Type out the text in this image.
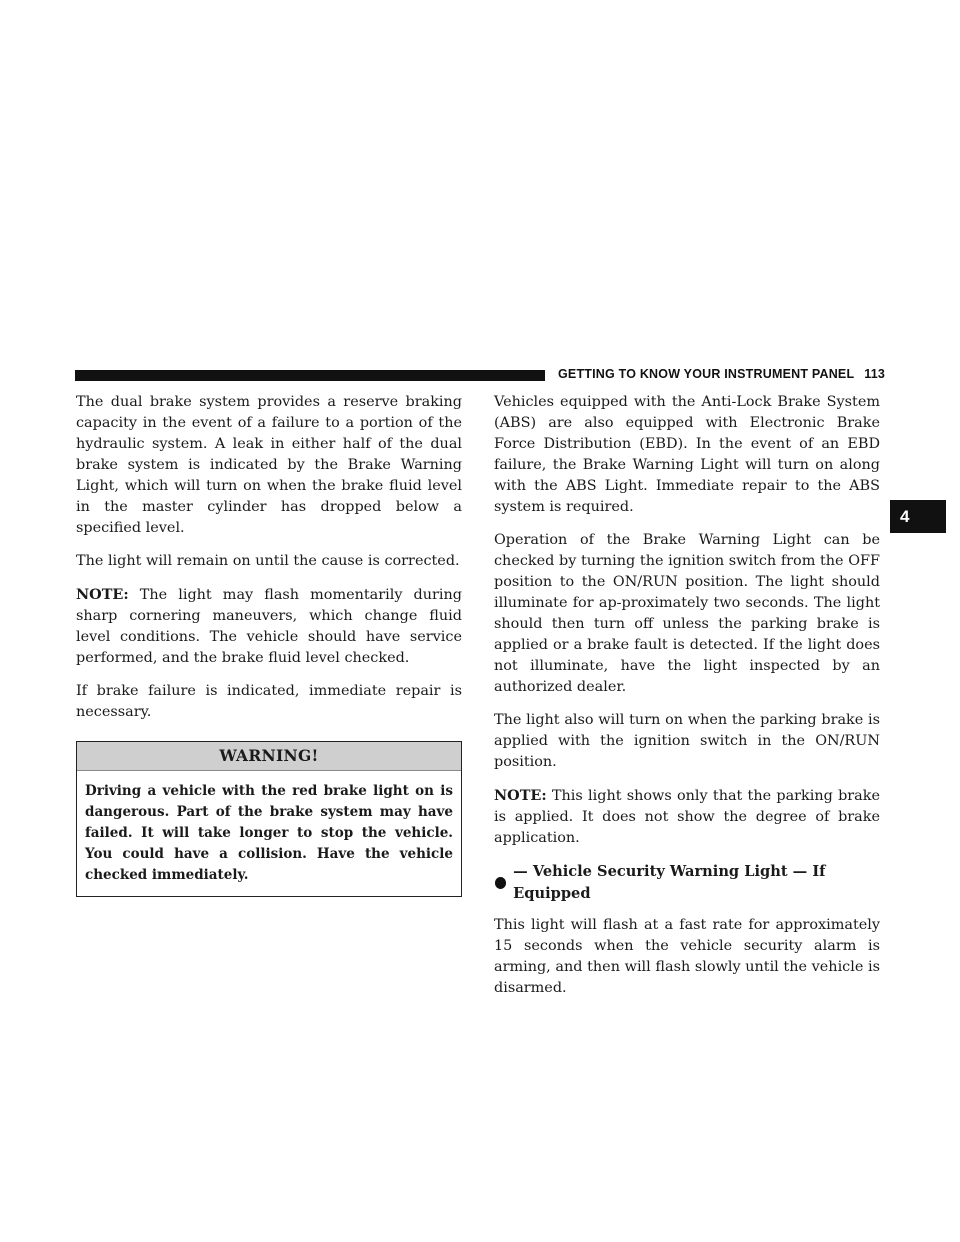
GETTING TO KNOW YOUR INSTRUMENT PANEL 113
4

The dual brake system provides a reserve braking capacity in the event of a failure to a portion of the hydraulic system. A leak in either half of the dual brake system is indicated by the Brake Warning Light, which will turn on when the brake fluid level in the master cylinder has dropped below a specified level.

The light will remain on until the cause is corrected.

NOTE: The light may flash momentarily during sharp cornering maneuvers, which change fluid level conditions. The vehicle should have service performed, and the brake fluid level checked.

If brake failure is indicated, immediate repair is necessary.

WARNING!
Driving a vehicle with the red brake light on is dangerous. Part of the brake system may have failed. It will take longer to stop the vehicle. You could have a collision. Have the vehicle checked immediately.

Vehicles equipped with the Anti-Lock Brake System (ABS) are also equipped with Electronic Brake Force Distribution (EBD). In the event of an EBD failure, the Brake Warning Light will turn on along with the ABS Light. Immediate repair to the ABS system is required.

Operation of the Brake Warning Light can be checked by turning the ignition switch from the OFF position to the ON/RUN position. The light should illuminate for ap-proximately two seconds. The light should then turn off unless the parking brake is applied or a brake fault is detected. If the light does not illuminate, have the light inspected by an authorized dealer.

The light also will turn on when the parking brake is applied with the ignition switch in the ON/RUN position.

NOTE: This light shows only that the parking brake is applied. It does not show the degree of brake application.

— Vehicle Security Warning Light — If Equipped

This light will flash at a fast rate for approximately 15 seconds when the vehicle security alarm is arming, and then will flash slowly until the vehicle is disarmed.
